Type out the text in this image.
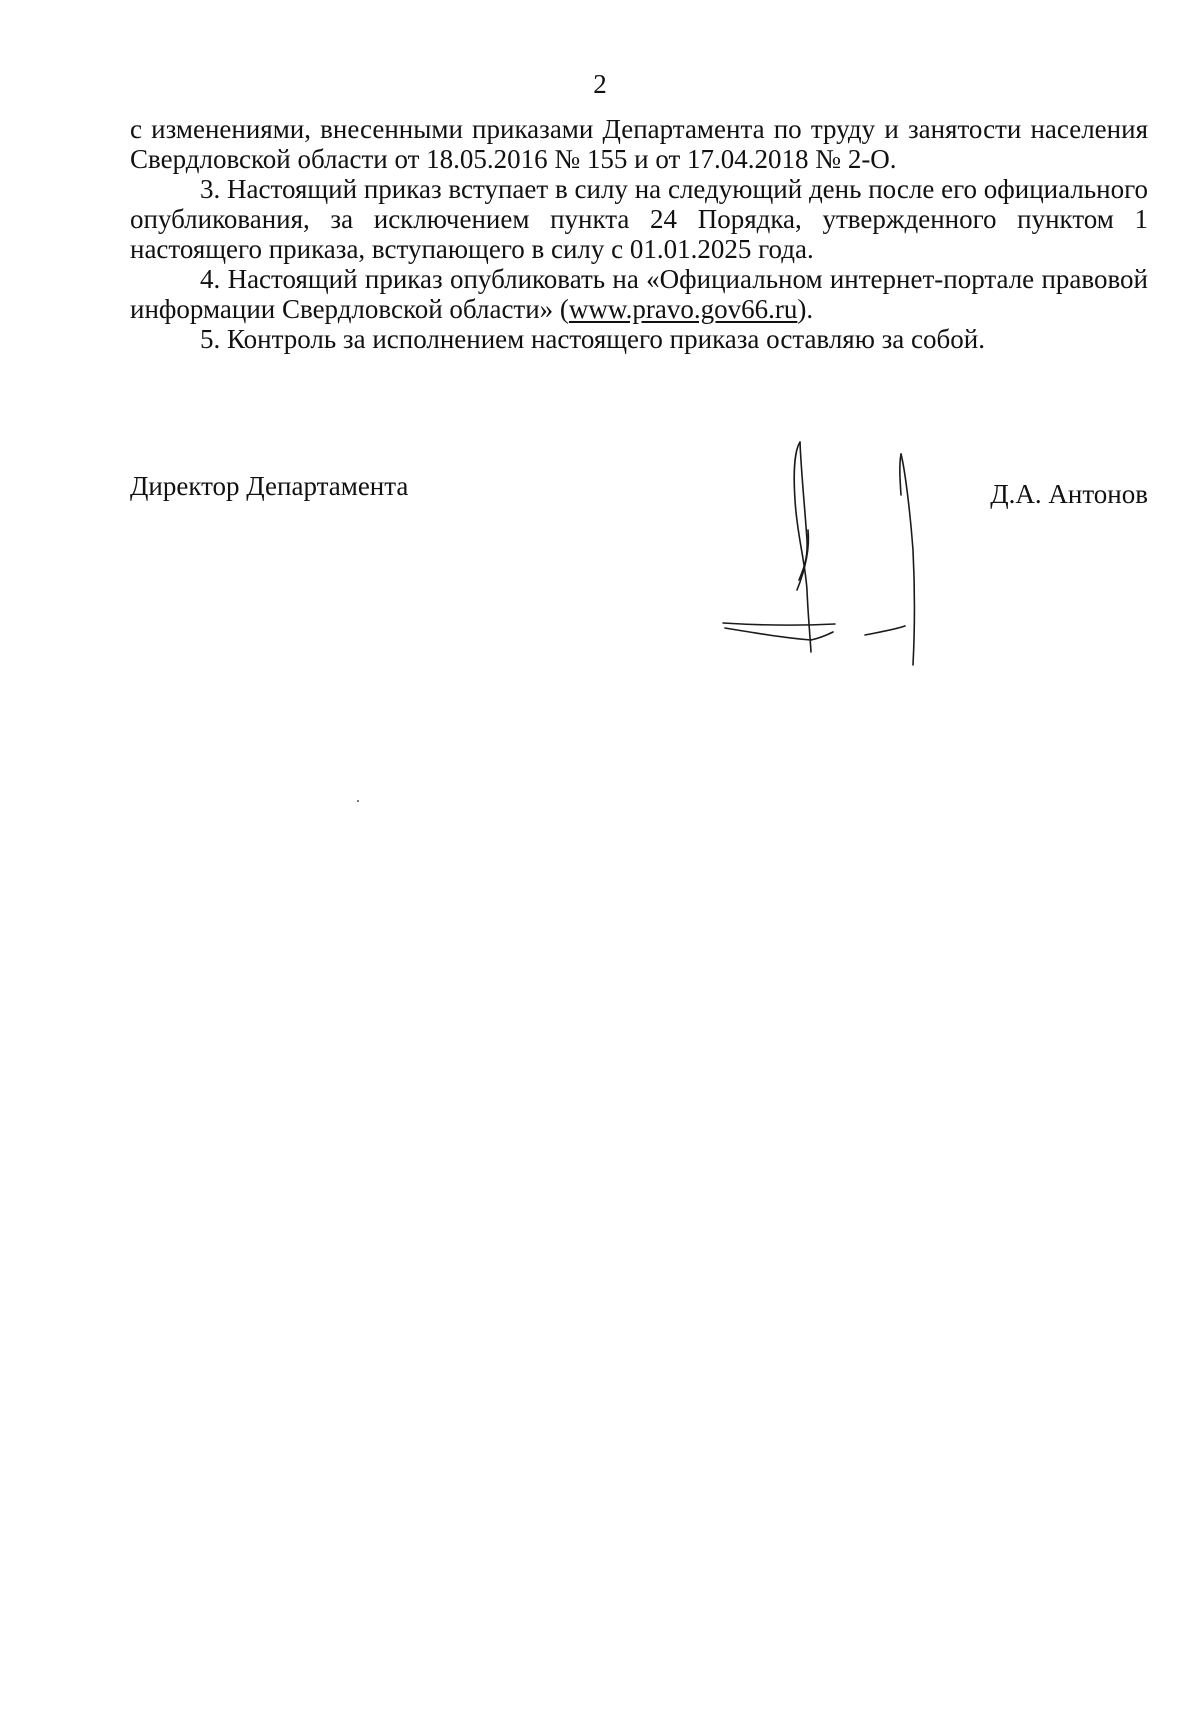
2

с изменениями, внесенными приказами Департамента по труду и занятости населения Свердловской области от 18.05.2016 № 155 и от 17.04.2018 № 2-О.

3. Настоящий приказ вступает в силу на следующий день после его официального опубликования, за исключением пункта 24 Порядка, утвержденного пунктом 1 настоящего приказа, вступающего в силу с 01.01.2025 года.

4. Настоящий приказ опубликовать на «Официальном интернет-портале правовой информации Свердловской области» (www.pravo.gov66.ru).

5. Контроль за исполнением настоящего приказа оставляю за собой.

Директор Департамента	Д.А. Антонов
